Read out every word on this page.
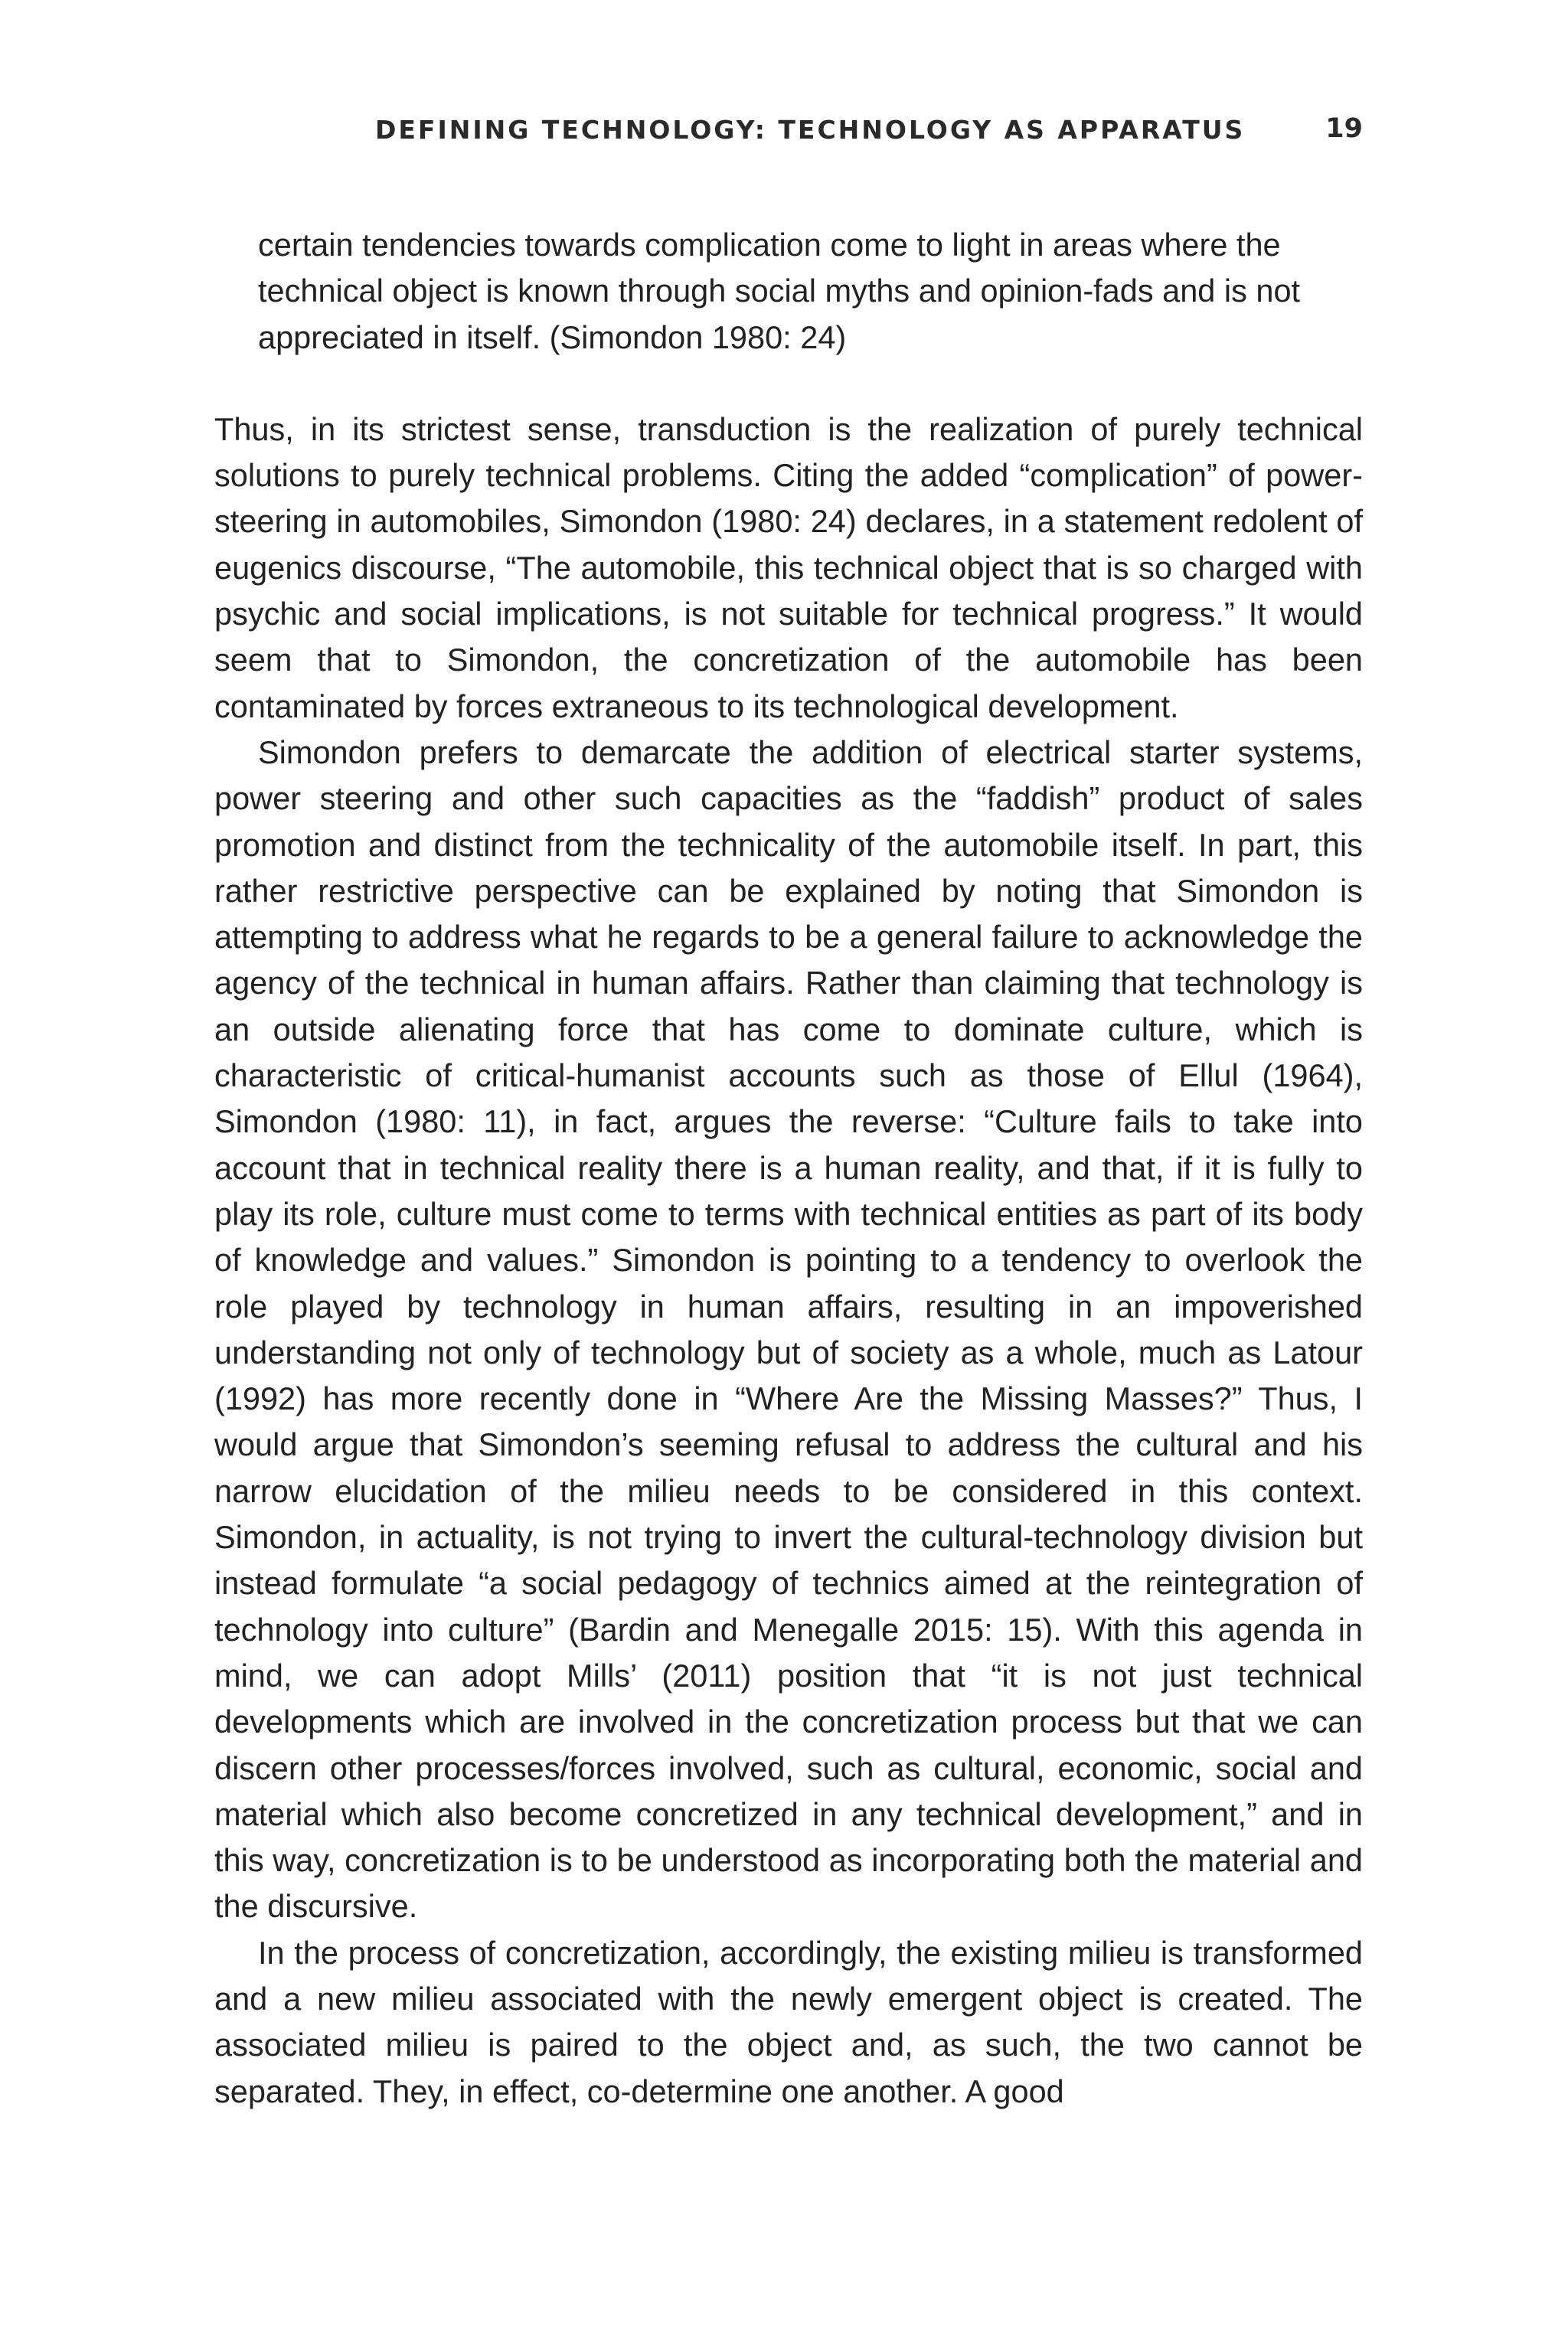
DEFINING TECHNOLOGY: TECHNOLOGY AS APPARATUS	19

certain tendencies towards complication come to light in areas where the technical object is known through social myths and opinion-fads and is not appreciated in itself. (Simondon 1980: 24)

Thus, in its strictest sense, transduction is the realization of purely technical solutions to purely technical problems. Citing the added “complication” of power-steering in automobiles, Simondon (1980: 24) declares, in a statement redolent of eugenics discourse, “The automobile, this technical object that is so charged with psychic and social implications, is not suitable for technical progress.” It would seem that to Simondon, the concretization of the automobile has been contaminated by forces extraneous to its technological development.

Simondon prefers to demarcate the addition of electrical starter systems, power steering and other such capacities as the “faddish” product of sales promotion and distinct from the technicality of the automobile itself. In part, this rather restrictive perspective can be explained by noting that Simondon is attempting to address what he regards to be a general failure to acknowledge the agency of the technical in human affairs. Rather than claiming that technology is an outside alienating force that has come to dominate culture, which is characteristic of critical-humanist accounts such as those of Ellul (1964), Simondon (1980: 11), in fact, argues the reverse: “Culture fails to take into account that in technical reality there is a human reality, and that, if it is fully to play its role, culture must come to terms with technical entities as part of its body of knowledge and values.” Simondon is pointing to a tendency to overlook the role played by technology in human affairs, resulting in an impoverished understanding not only of technology but of society as a whole, much as Latour (1992) has more recently done in “Where Are the Missing Masses?” Thus, I would argue that Simondon’s seeming refusal to address the cultural and his narrow elucidation of the milieu needs to be considered in this context. Simondon, in actuality, is not trying to invert the cultural-technology division but instead formulate “a social pedagogy of technics aimed at the reintegration of technology into culture” (Bardin and Menegalle 2015: 15). With this agenda in mind, we can adopt Mills’ (2011) position that “it is not just technical developments which are involved in the concretization process but that we can discern other processes/forces involved, such as cultural, economic, social and material which also become concretized in any technical development,” and in this way, concretization is to be understood as incorporating both the material and the discursive.

In the process of concretization, accordingly, the existing milieu is transformed and a new milieu associated with the newly emergent object is created. The associated milieu is paired to the object and, as such, the two cannot be separated. They, in effect, co-determine one another. A good
